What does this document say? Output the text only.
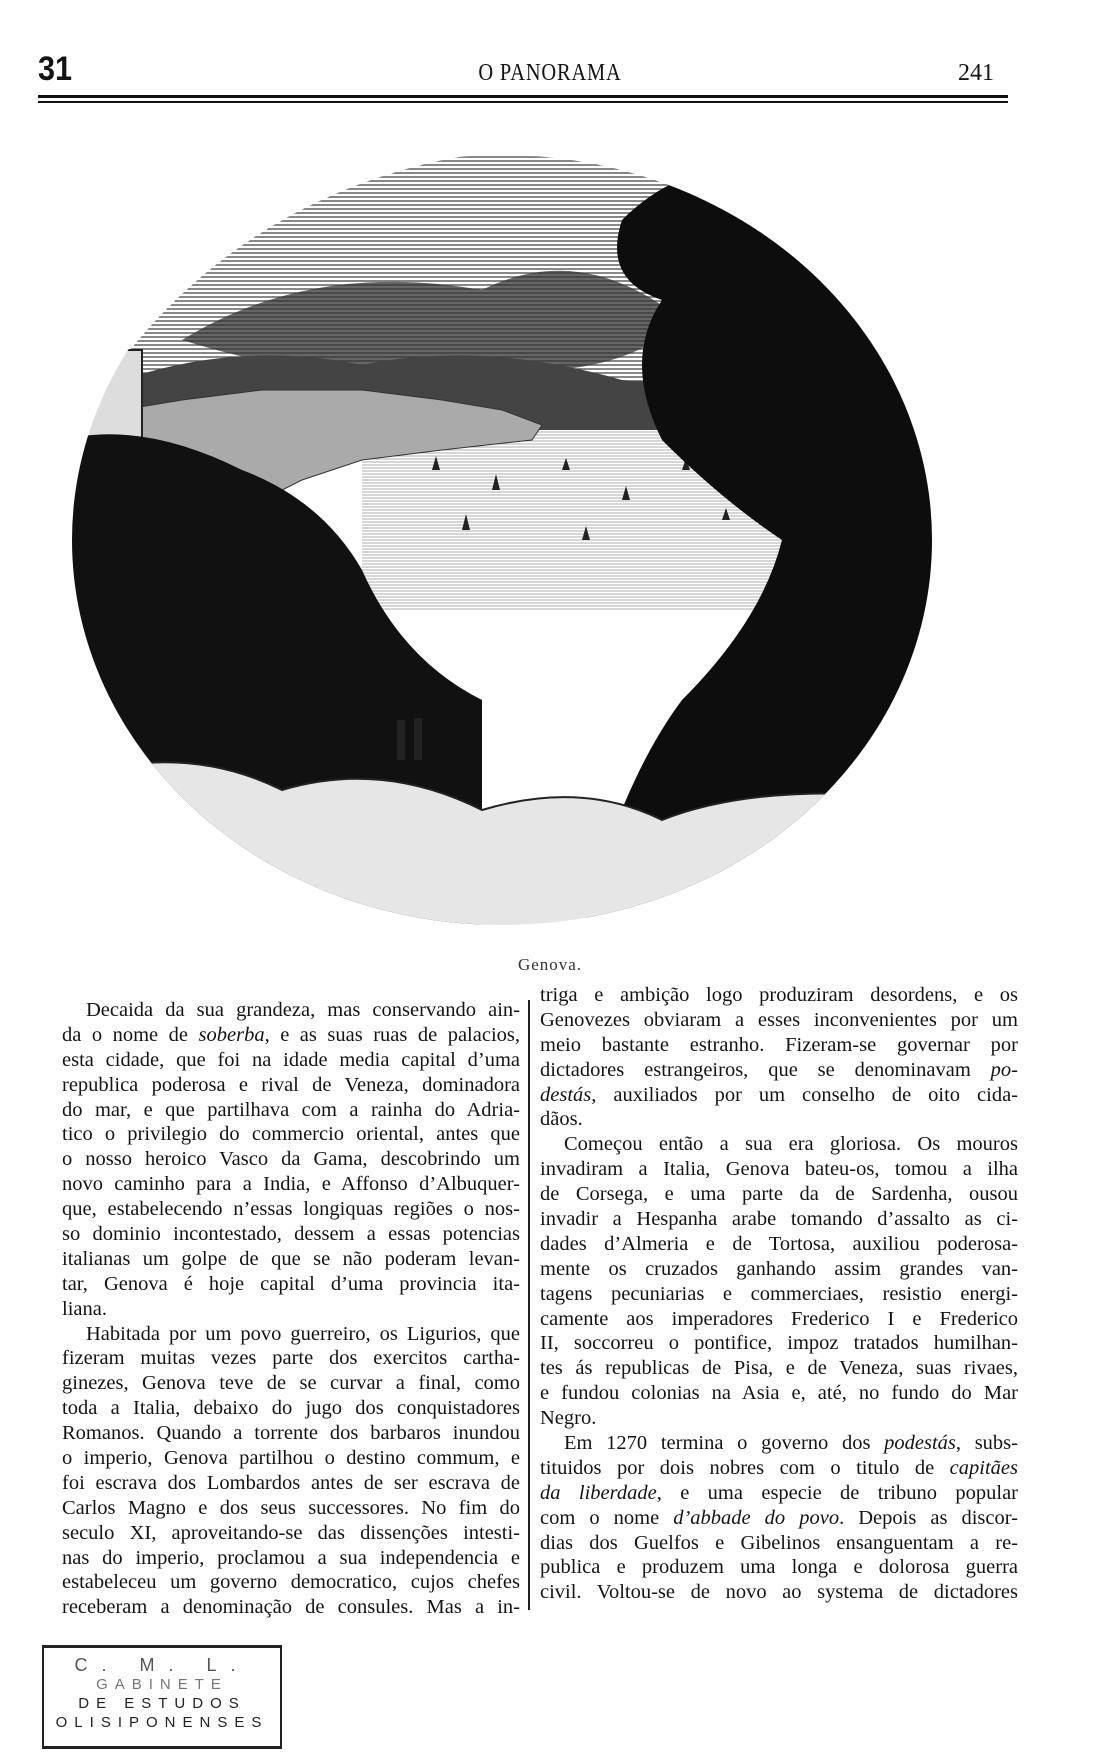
31	O PANORAMA	241
Genova.
Decaida da sua grandeza, mas conservando ain-
da o nome de soberba, e as suas ruas de palacios,
esta cidade, que foi na idade media capital d’uma
republica poderosa e rival de Veneza, dominadora
do mar, e que partilhava com a rainha do Adria-
tico o privilegio do commercio oriental, antes que
o nosso heroico Vasco da Gama, descobrindo um
novo caminho para a India, e Affonso d’Albuquer-
que, estabelecendo n’essas longiquas regiões o nos-
so dominio incontestado, dessem a essas potencias
italianas um golpe de que se não poderam levan-
tar, Genova é hoje capital d’uma provincia ita-
liana.
Habitada por um povo guerreiro, os Ligurios, que
fizeram muitas vezes parte dos exercitos cartha-
ginezes, Genova teve de se curvar a final, como
toda a Italia, debaixo do jugo dos conquistadores
Romanos. Quando a torrente dos barbaros inundou
o imperio, Genova partilhou o destino commum, e
foi escrava dos Lombardos antes de ser escrava de
Carlos Magno e dos seus successores. No fim do
seculo XI, aproveitando-se das dissenções intesti-
nas do imperio, proclamou a sua independencia e
estabeleceu um governo democratico, cujos chefes
receberam a denominação de consules. Mas a in-
triga e ambição logo produziram desordens, e os
Genovezes obviaram a esses inconvenientes por um
meio bastante estranho. Fizeram-se governar por
dictadores estrangeiros, que se denominavam po-
destás, auxiliados por um conselho de oito cida-
dãos.
Começou então a sua era gloriosa. Os mouros
invadiram a Italia, Genova bateu-os, tomou a ilha
de Corsega, e uma parte da de Sardenha, ousou
invadir a Hespanha arabe tomando d’assalto as ci-
dades d’Almeria e de Tortosa, auxiliou poderosa-
mente os cruzados ganhando assim grandes van-
tagens pecuniarias e commerciaes, resistio energi-
camente aos imperadores Frederico I e Frederico
II, soccorreu o pontifice, impoz tratados humilhan-
tes ás republicas de Pisa, e de Veneza, suas rivaes,
e fundou colonias na Asia e, até, no fundo do Mar
Negro.
Em 1270 termina o governo dos podestás, subs-
tituidos por dois nobres com o titulo de capitães
da liberdade, e uma especie de tribuno popular
com o nome d’abbade do povo. Depois as discor-
dias dos Guelfos e Gibelinos ensanguentam a re-
publica e produzem uma longa e dolorosa guerra
civil. Voltou-se de novo ao systema de dictadores
C. M. L.
GABINETE
DE ESTUDOS
OLISIPONENSES
